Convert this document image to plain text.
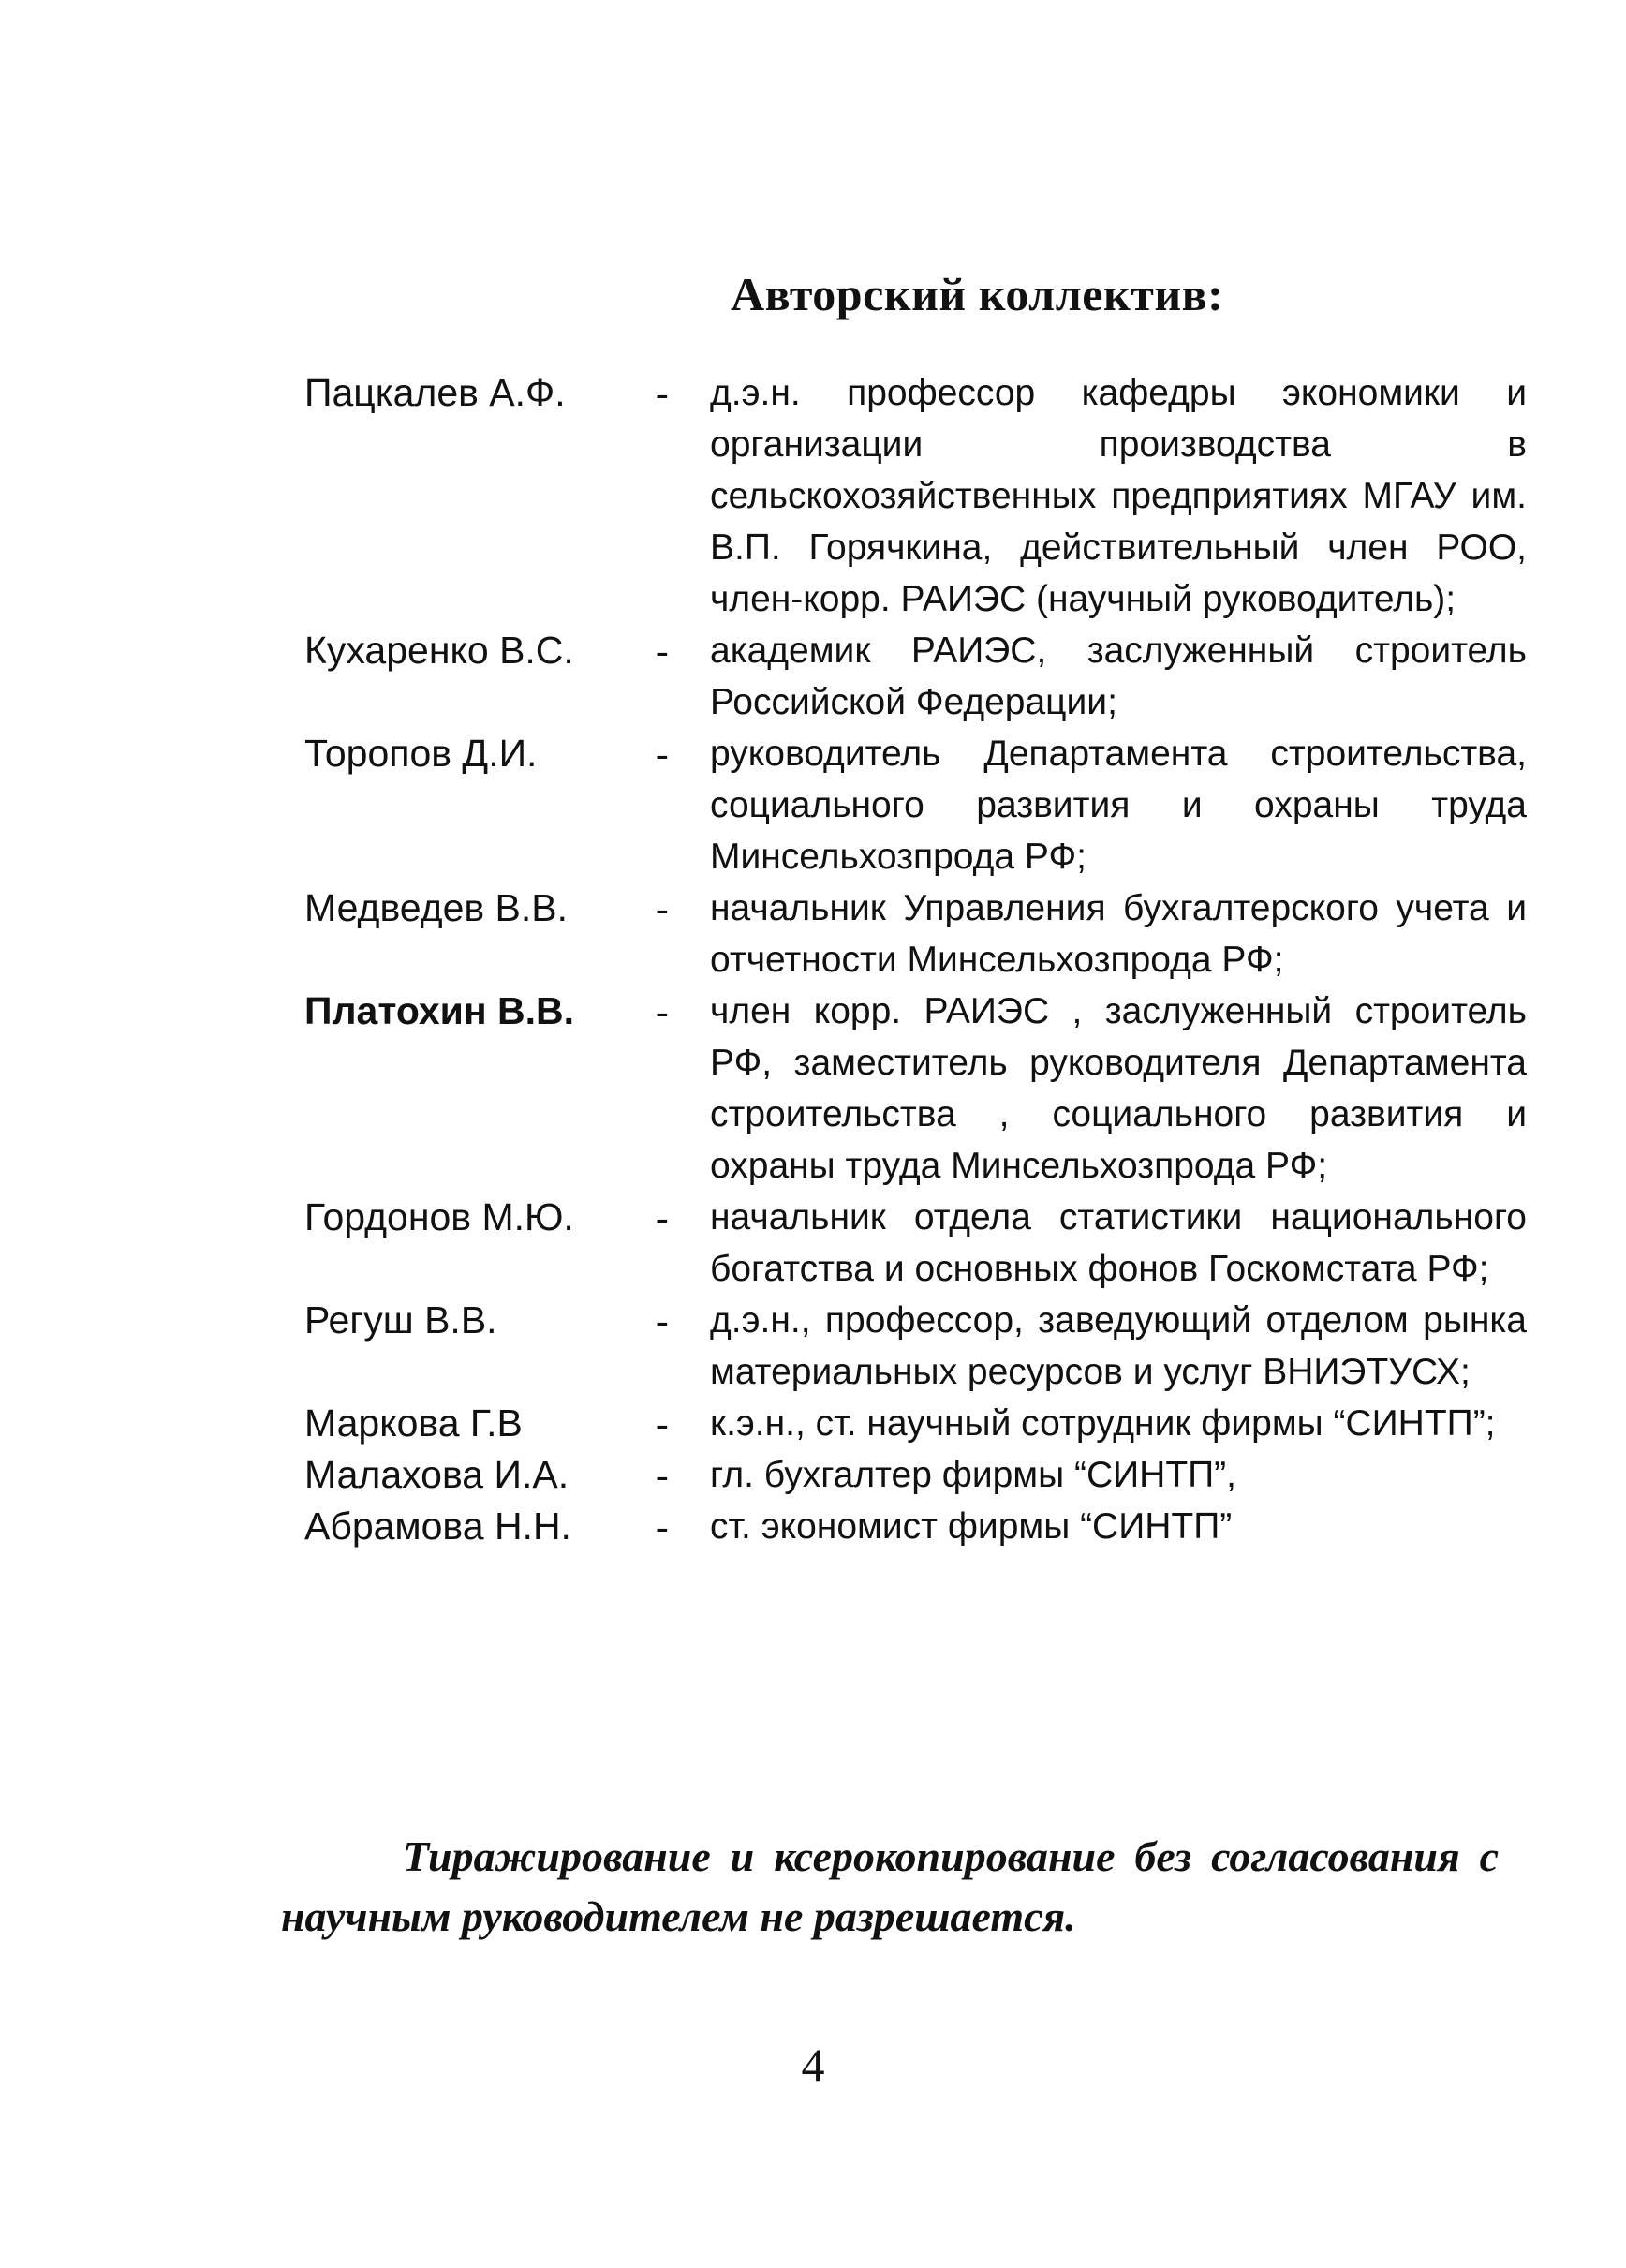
Авторский коллектив:
Пацкалев А.Ф.	-	д.э.н. профессор кафедры экономики и организации производства в сельскохозяйственных предприятиях МГАУ им. В.П. Горячкина, действительный член РОО, член-корр. РАИЭС (научный руководитель);
Кухаренко В.С.	-	академик РАИЭС, заслуженный строитель Российской Федерации;
Торопов Д.И.	-	руководитель Департамента строительства, социального развития и охраны труда Минсельхозпрода РФ;
Медведев В.В.	-	начальник Управления бухгалтерского учета и отчетности Минсельхозпрода РФ;
Платохин В.В.	-	член корр. РАИЭС , заслуженный строитель РФ, заместитель руководителя Департамента строительства , социального развития и охраны труда Минсельхозпрода РФ;
Гордонов М.Ю.	-	начальник отдела статистики национального богатства и основных фонов Госкомстата РФ;
Регуш В.В.	-	д.э.н., профессор, заведующий отделом рынка материальных ресурсов и услуг ВНИЭТУСХ;
Маркова Г.В	-	к.э.н., ст. научный сотрудник фирмы “СИНТП”;
Малахова И.А.	-	гл. бухгалтер фирмы “СИНТП”,
Абрамова Н.Н.	-	ст. экономист фирмы “СИНТП”
Тиражирование и ксерокопирование без согласования с научным руководителем не разрешается.
4
